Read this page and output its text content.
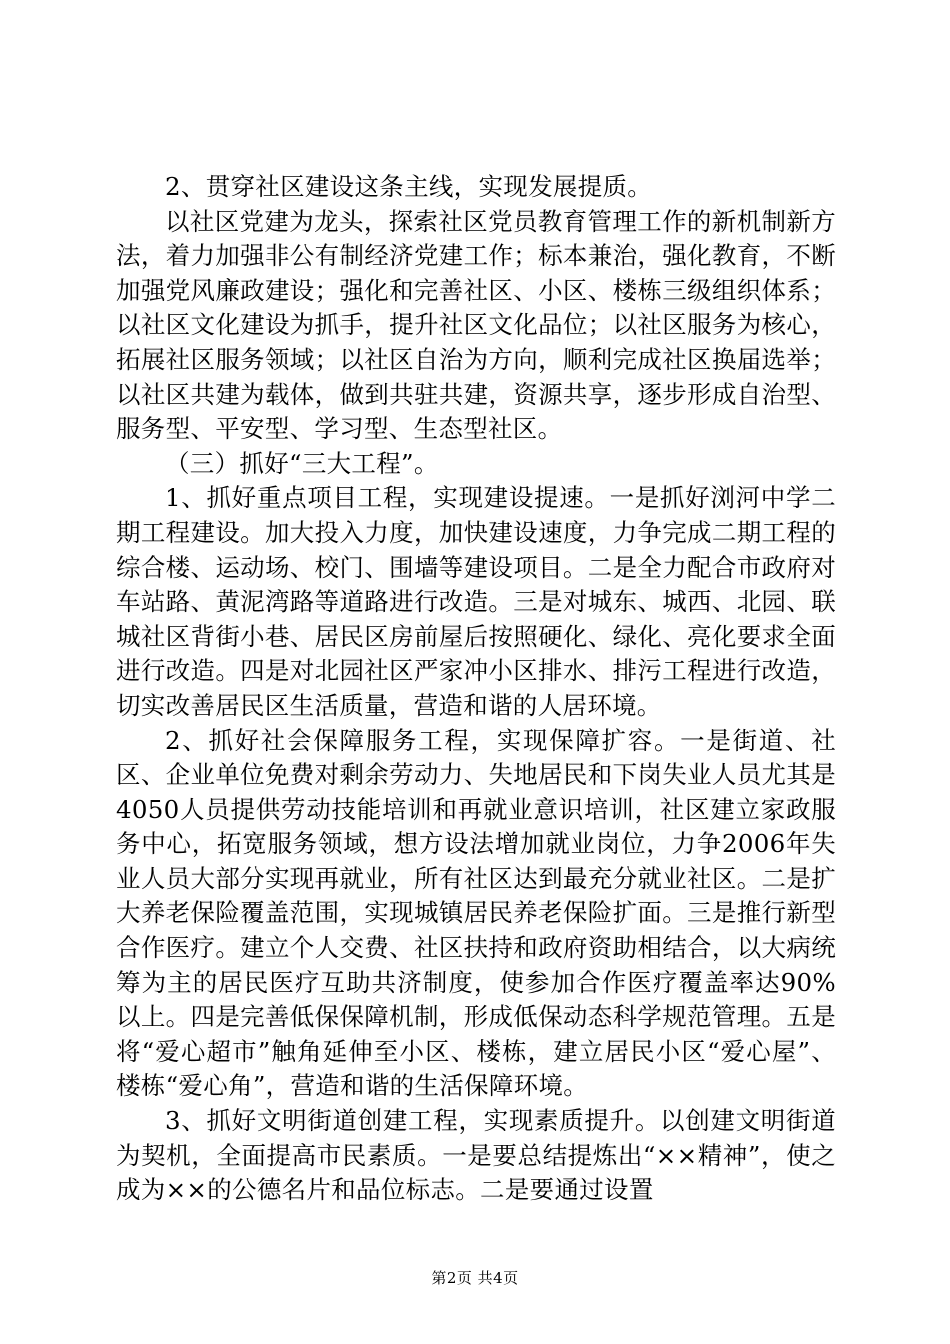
2、贯穿社区建设这条主线，实现发展提质。

以社区党建为龙头，探索社区党员教育管理工作的新机制新方法，着力加强非公有制经济党建工作；标本兼治，强化教育，不断加强党风廉政建设；强化和完善社区、小区、楼栋三级组织体系；以社区文化建设为抓手，提升社区文化品位；以社区服务为核心，拓展社区服务领域；以社区自治为方向，顺利完成社区换届选举；以社区共建为载体，做到共驻共建，资源共享，逐步形成自治型、服务型、平安型、学习型、生态型社区。

（三）抓好“三大工程”。

1、抓好重点项目工程，实现建设提速。一是抓好浏河中学二期工程建设。加大投入力度，加快建设速度，力争完成二期工程的综合楼、运动场、校门、围墙等建设项目。二是全力配合市政府对车站路、黄泥湾路等道路进行改造。三是对城东、城西、北园、联城社区背街小巷、居民区房前屋后按照硬化、绿化、亮化要求全面进行改造。四是对北园社区严家冲小区排水、排污工程进行改造，切实改善居民区生活质量，营造和谐的人居环境。

2、抓好社会保障服务工程，实现保障扩容。一是街道、社区、企业单位免费对剩余劳动力、失地居民和下岗失业人员尤其是4050人员提供劳动技能培训和再就业意识培训，社区建立家政服务中心，拓宽服务领域，想方设法增加就业岗位，力争2006年失业人员大部分实现再就业，所有社区达到最充分就业社区。二是扩大养老保险覆盖范围，实现城镇居民养老保险扩面。三是推行新型合作医疗。建立个人交费、社区扶持和政府资助相结合，以大病统筹为主的居民医疗互助共济制度，使参加合作医疗覆盖率达90%以上。四是完善低保保障机制，形成低保动态科学规范管理。五是将“爱心超市”触角延伸至小区、楼栋，建立居民小区“爱心屋”、楼栋“爱心角”，营造和谐的生活保障环境。

3、抓好文明街道创建工程，实现素质提升。以创建文明街道为契机，全面提高市民素质。一是要总结提炼出“××精神”，使之成为××的公德名片和品位标志。二是要通过设置

第2页 共4页
